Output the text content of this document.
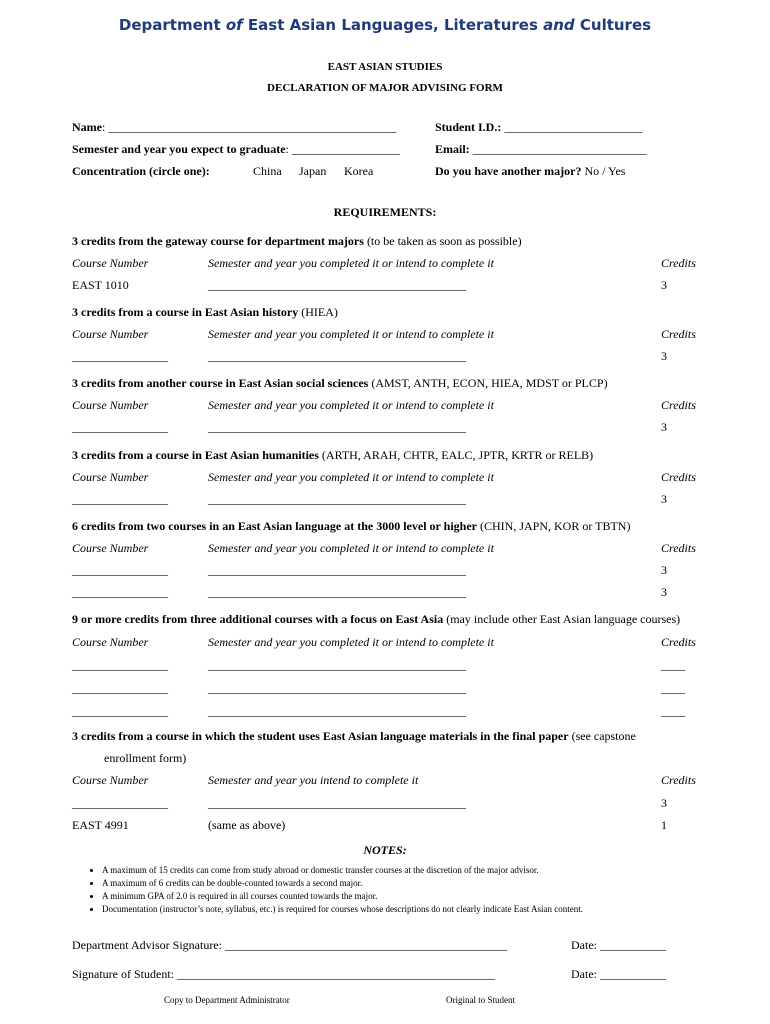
Department of East Asian Languages, Literatures and Cultures
EAST ASIAN STUDIES
DECLARATION OF MAJOR ADVISING FORM
Name: ________________________________________________	Student I.D.: _______________________
Semester and year you expect to graduate: __________________	Email: _____________________________
Concentration (circle one):	China Japan Korea	Do you have another major? No / Yes
REQUIREMENTS:
3 credits from the gateway course for department majors (to be taken as soon as possible)
Course Number	Semester and year you completed it or intend to complete it	Credits
EAST 1010	___________________________________________	3
3 credits from a course in East Asian history (HIEA)
Course Number	Semester and year you completed it or intend to complete it	Credits
________________	___________________________________________	3
3 credits from another course in East Asian social sciences (AMST, ANTH, ECON, HIEA, MDST or PLCP)
Course Number	Semester and year you completed it or intend to complete it	Credits
________________	___________________________________________	3
3 credits from a course in East Asian humanities (ARTH, ARAH, CHTR, EALC, JPTR, KRTR or RELB)
Course Number	Semester and year you completed it or intend to complete it	Credits
________________	___________________________________________	3
6 credits from two courses in an East Asian language at the 3000 level or higher (CHIN, JAPN, KOR or TBTN)
Course Number	Semester and year you completed it or intend to complete it	Credits
________________	___________________________________________	3
________________	___________________________________________	3
9 or more credits from three additional courses with a focus on East Asia (may include other East Asian language courses)
Course Number	Semester and year you completed it or intend to complete it	Credits
________________	___________________________________________	____
________________	___________________________________________	____
________________	___________________________________________	____
3 credits from a course in which the student uses East Asian language materials in the final paper (see capstone
enrollment form)
Course Number	Semester and year you intend to complete it	Credits
________________	___________________________________________	3
EAST 4991	(same as above)	1
NOTES:
• A maximum of 15 credits can come from study abroad or domestic transfer courses at the discretion of the major advisor.
• A maximum of 6 credits can be double-counted towards a second major.
• A minimum GPA of 2.0 is required in all courses counted towards the major.
• Documentation (instructor’s note, syllabus, etc.) is required for courses whose descriptions do not clearly indicate East Asian content.
Department Advisor Signature: _______________________________________________	Date: ___________
Signature of Student: _____________________________________________________	Date: ___________
Copy to Department Administrator	Original to Student
